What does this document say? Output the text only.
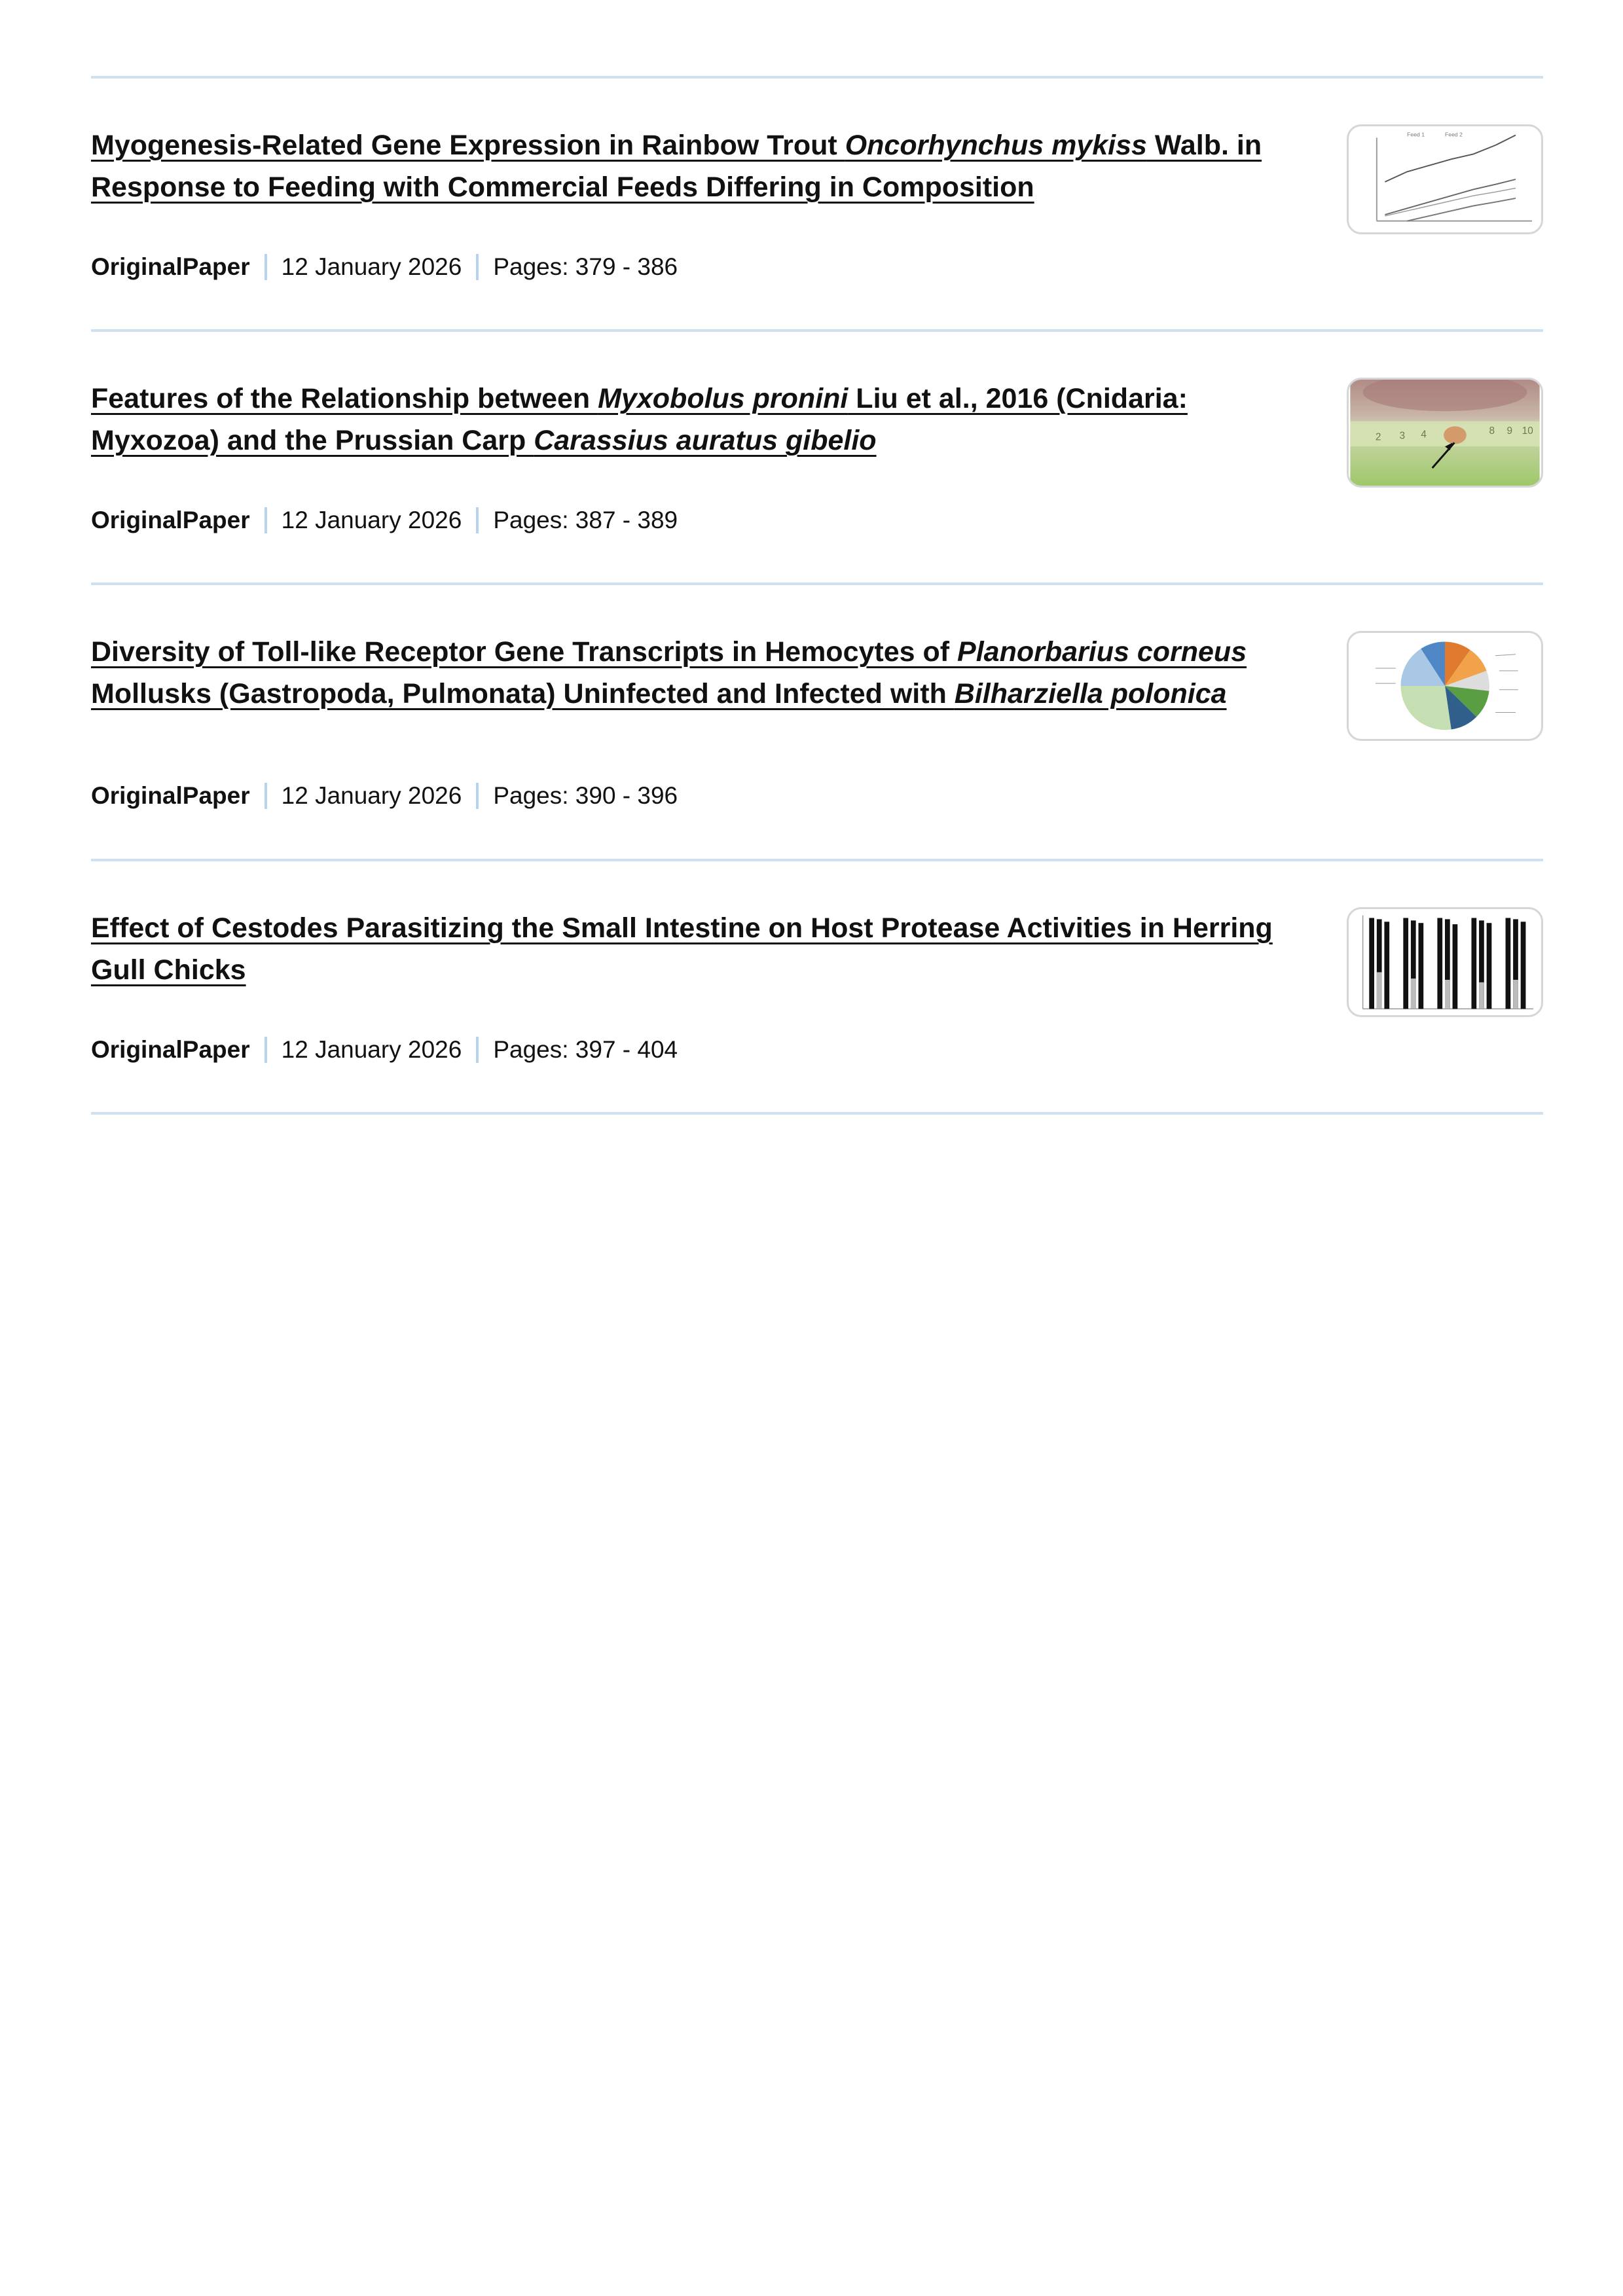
Myogenesis-Related Gene Expression in Rainbow Trout Oncorhynchus mykiss Walb. in Response to Feeding with Commercial Feeds Differing in Composition
OriginalPaper 12 January 2026 Pages: 379 - 386
Feed 1	Feed 2
Features of the Relationship between Myxobolus pronini Liu et al., 2016 (Cnidaria: Myxozoa) and the Prussian Carp Carassius auratus gibelio
OriginalPaper 12 January 2026 Pages: 387 - 389
2 3 4	8 9 10
Diversity of Toll-like Receptor Gene Transcripts in Hemocytes of Planorbarius corneus Mollusks (Gastropoda, Pulmonata) Uninfected and Infected with Bilharziella polonica
OriginalPaper 12 January 2026 Pages: 390 - 396
Effect of Cestodes Parasitizing the Small Intestine on Host Protease Activities in Herring Gull Chicks
OriginalPaper 12 January 2026 Pages: 397 - 404
